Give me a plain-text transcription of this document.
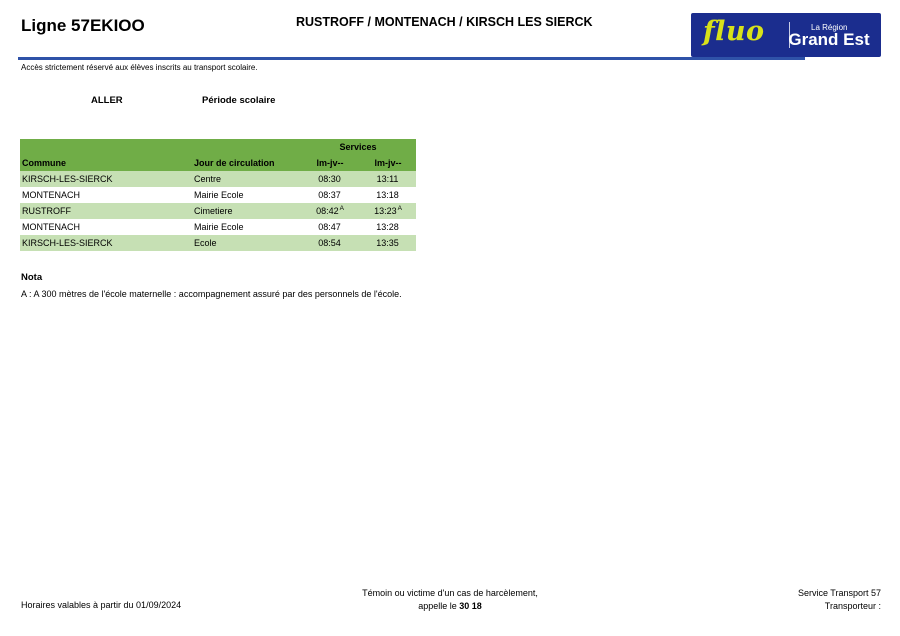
Ligne 57EKIOO	RUSTROFF / MONTENACH / KIRSCH LES SIERCK	fluo	La Région
Grand Est
Accès strictement réservé aux élèves inscrits au transport scolaire.
ALLER	Période scolaire
		Services	
Commune	Jour de circulation	lm-jv--	lm-jv--
KIRSCH-LES-SIERCK	Centre	08:30	13:11
MONTENACH	Mairie Ecole	08:37	13:18
RUSTROFF	Cimetiere	$08:42^A$	$13:23^A$
MONTENACH	Mairie Ecole	08:47	13:28
KIRSCH-LES-SIERCK	Ecole	08:54	13:35
Nota
A : A 300 mètres de l'école maternelle : accompagnement assuré par des personnels de l'école.
Horaires valables à partir du 01/09/2024
Témoin ou victime d'un cas de harcèlement,
appelle le 30 18
Service Transport 57
Transporteur :
